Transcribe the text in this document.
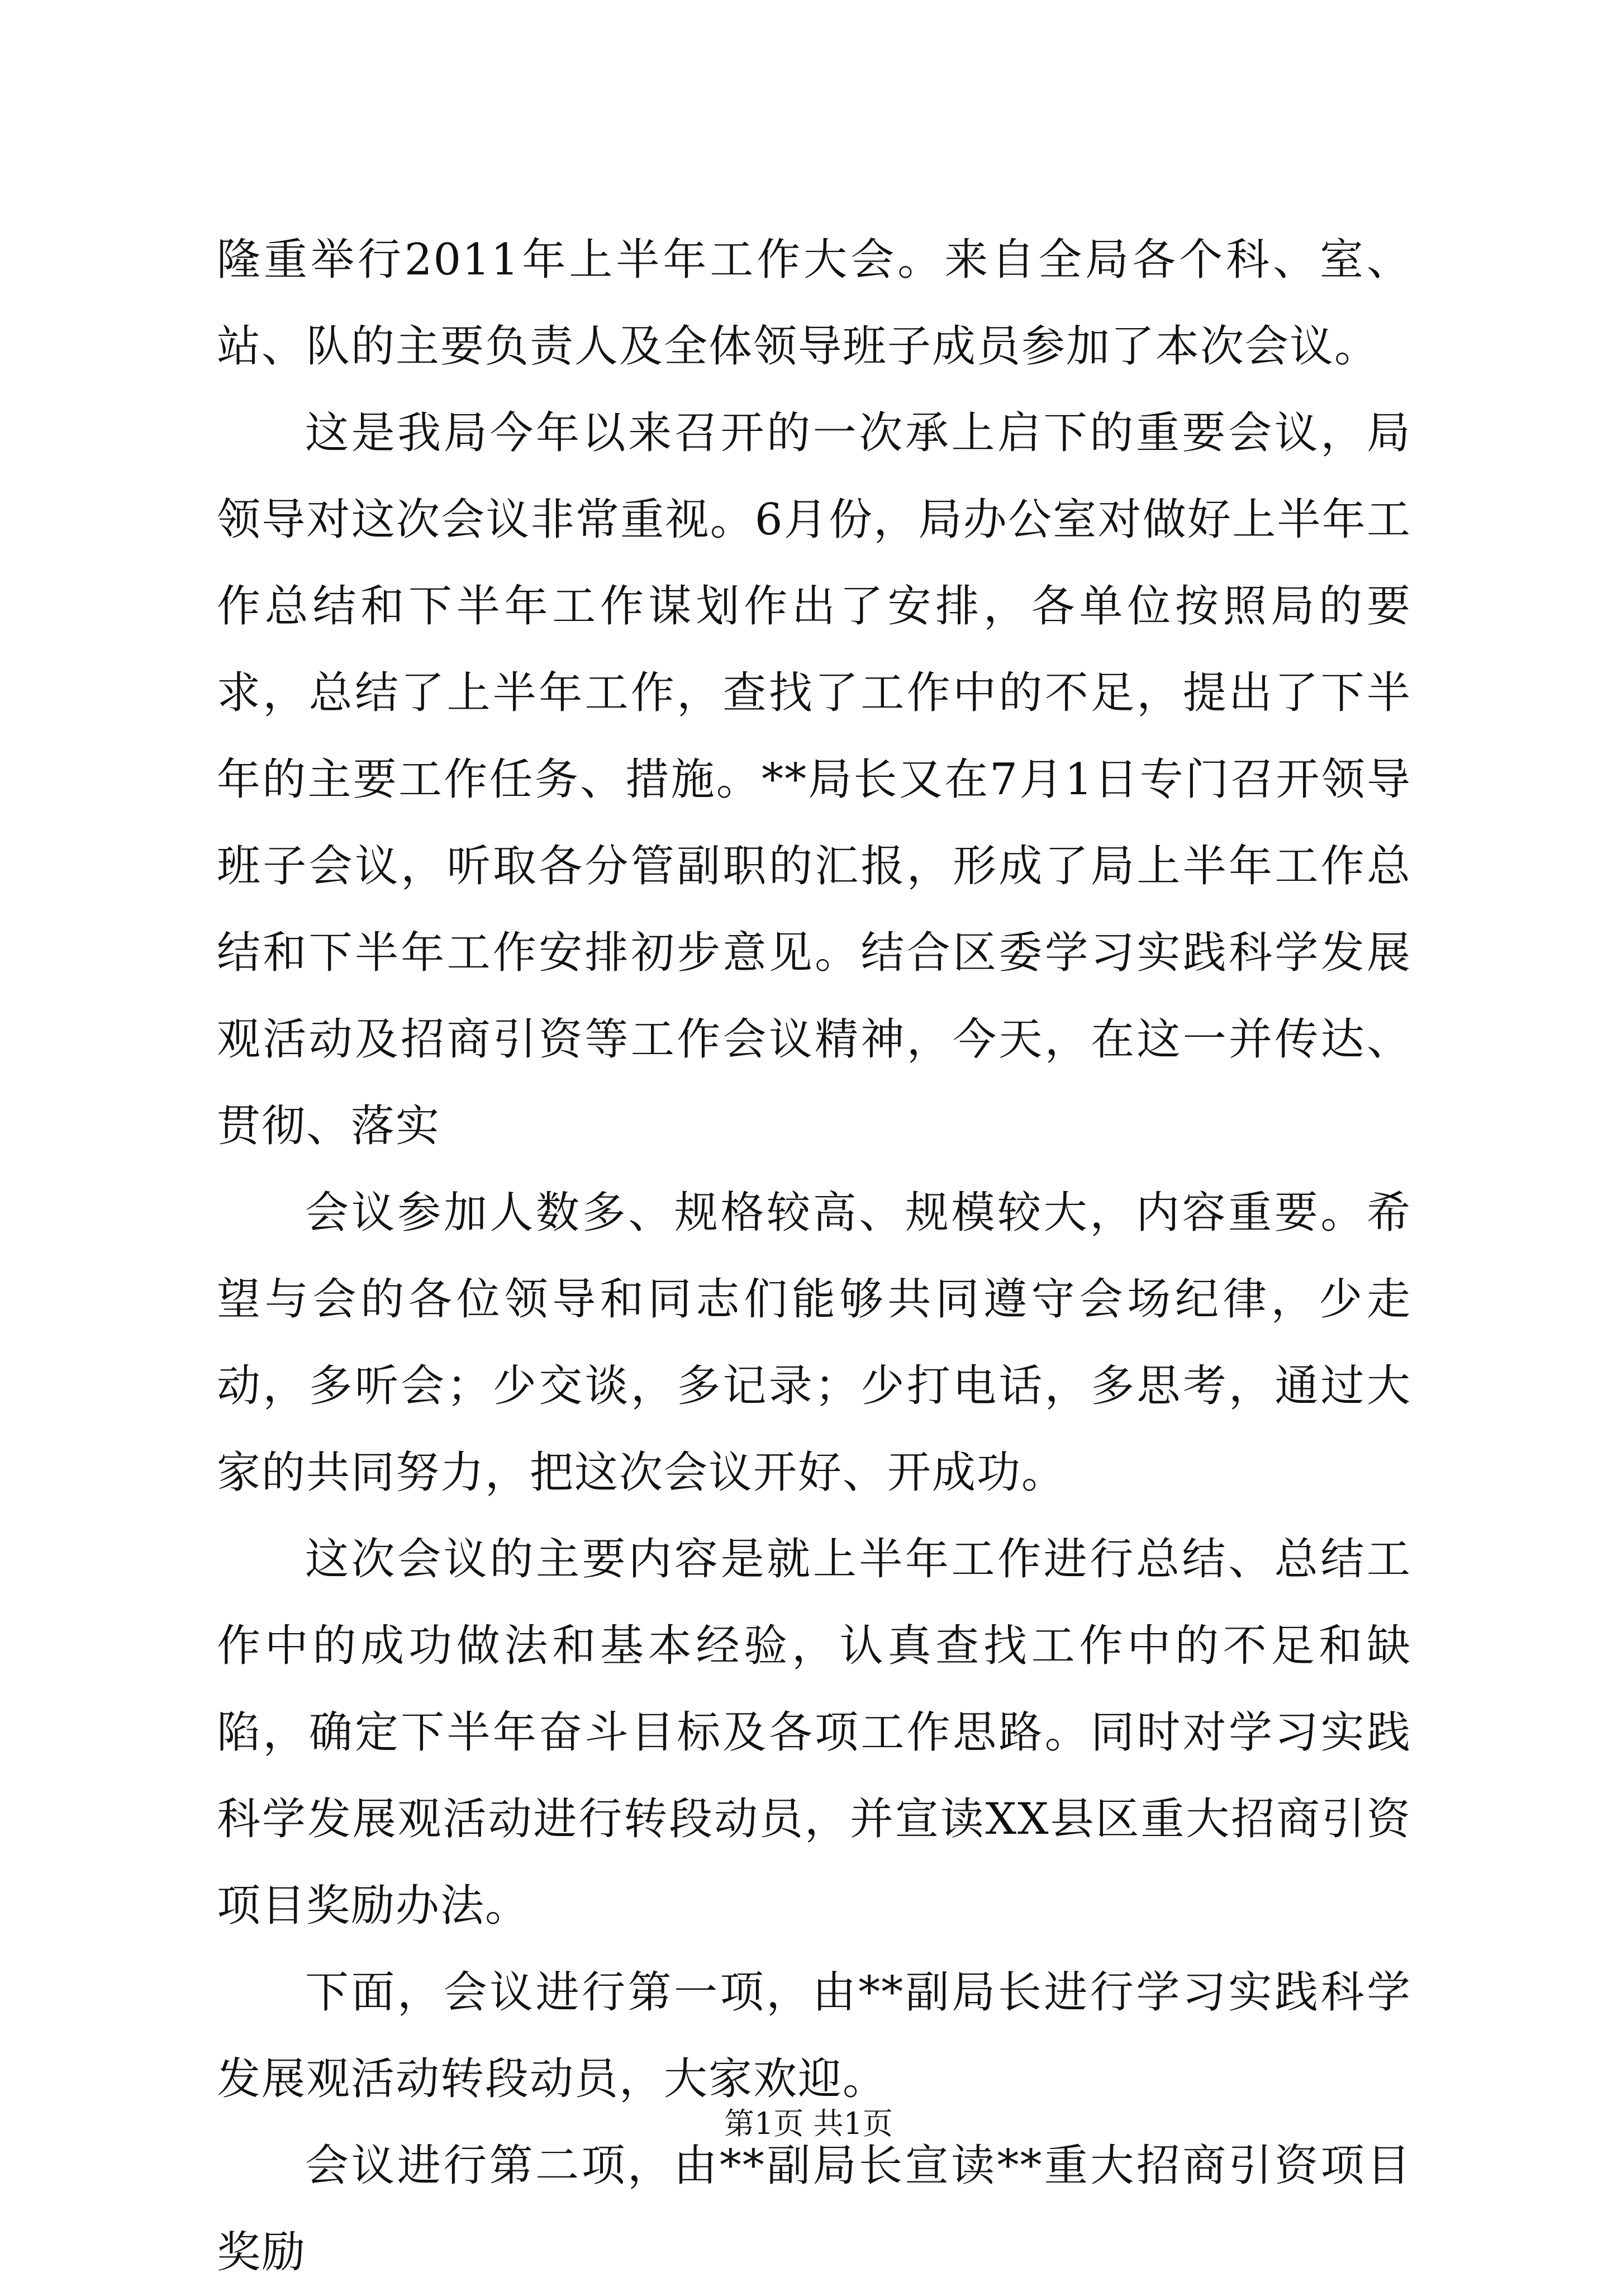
隆重举行2011年上半年工作大会。来自全局各个科、室、站、队的主要负责人及全体领导班子成员参加了本次会议。

这是我局今年以来召开的一次承上启下的重要会议，局领导对这次会议非常重视。6月份，局办公室对做好上半年工作总结和下半年工作谋划作出了安排，各单位按照局的要求，总结了上半年工作，查找了工作中的不足，提出了下半年的主要工作任务、措施。**局长又在7月1日专门召开领导班子会议，听取各分管副职的汇报，形成了局上半年工作总结和下半年工作安排初步意见。结合区委学习实践科学发展观活动及招商引资等工作会议精神，今天，在这一并传达、贯彻、落实

会议参加人数多、规格较高、规模较大，内容重要。希望与会的各位领导和同志们能够共同遵守会场纪律，少走动，多听会；少交谈，多记录；少打电话，多思考，通过大家的共同努力，把这次会议开好、开成功。

这次会议的主要内容是就上半年工作进行总结、总结工作中的成功做法和基本经验，认真查找工作中的不足和缺陷，确定下半年奋斗目标及各项工作思路。同时对学习实践科学发展观活动进行转段动员，并宣读XX县区重大招商引资项目奖励办法。

下面，会议进行第一项，由**副局长进行学习实践科学发展观活动转段动员，大家欢迎。

会议进行第二项，由**副局长宣读**重大招商引资项目奖励

第1页 共1页
